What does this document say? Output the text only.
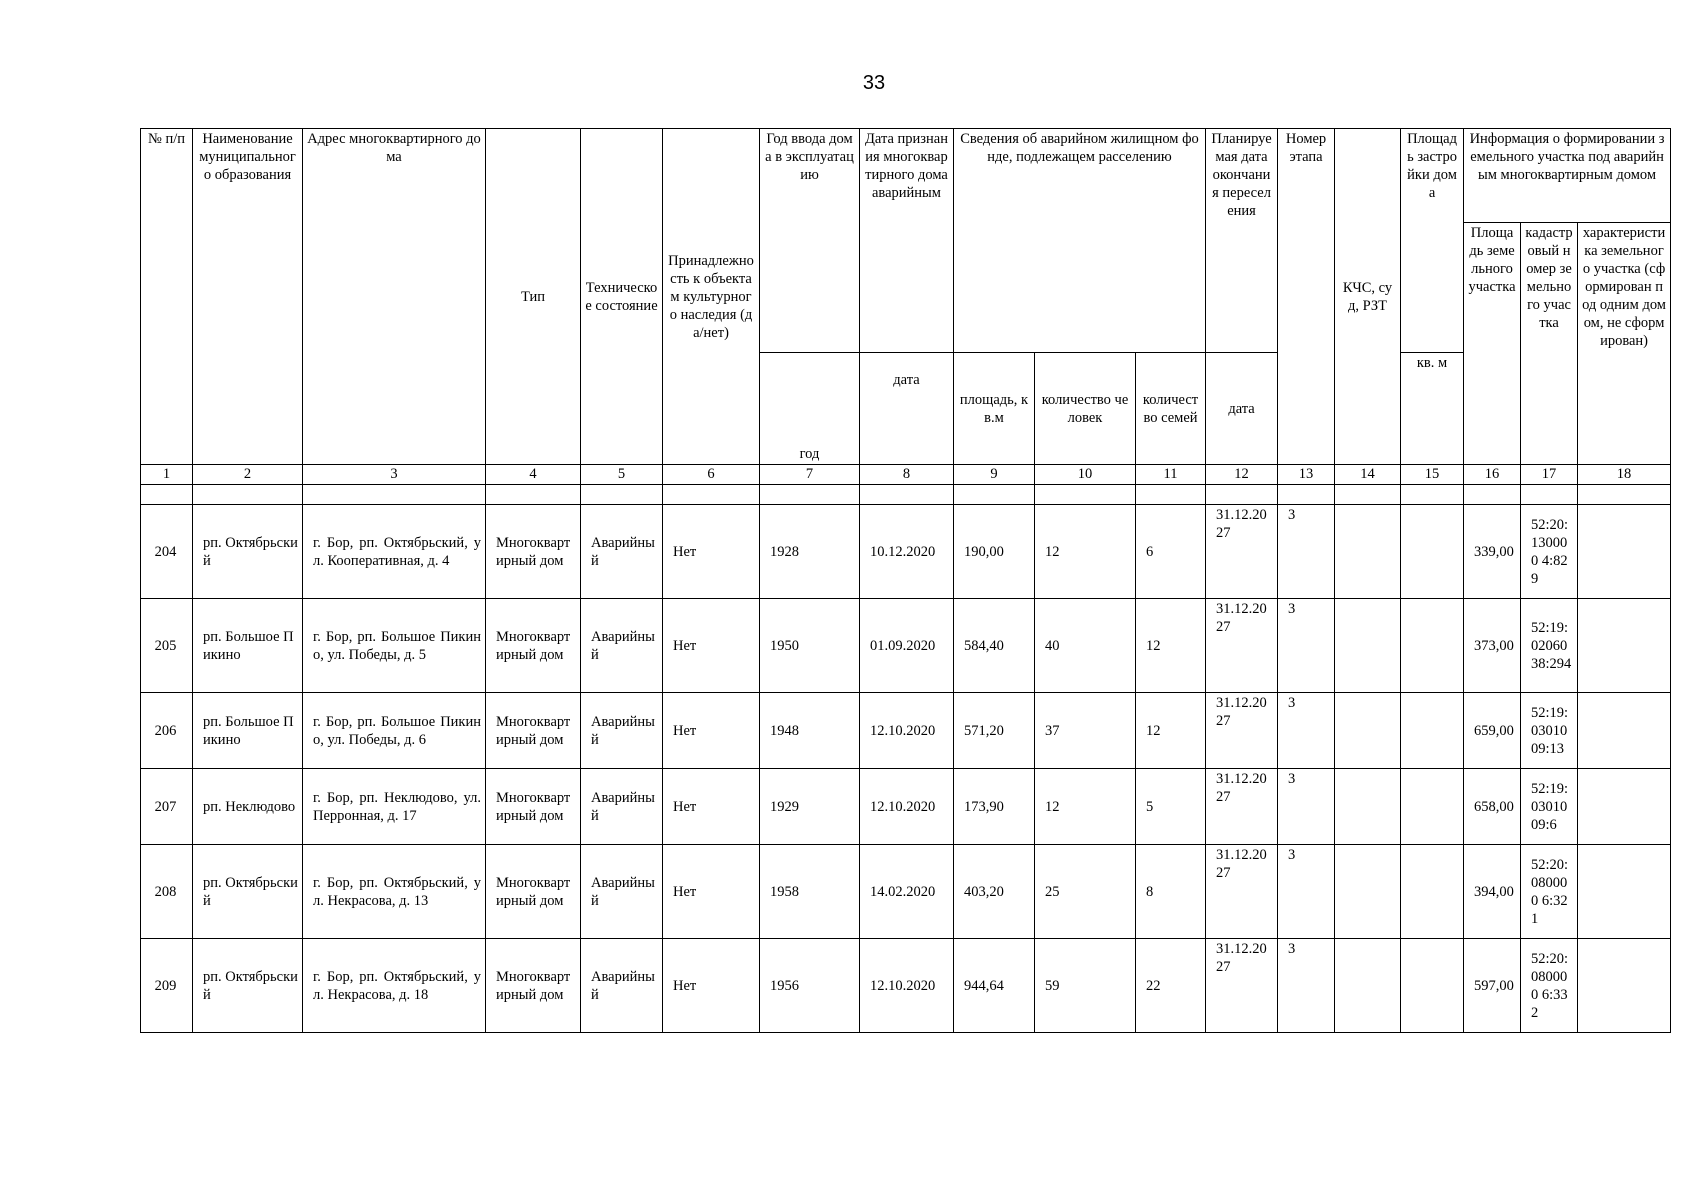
33
№ п/п	Наименование муниципального образования	Адрес многоквартирного дома	Тип	Техническое состояние	Принадлежность к объектам культурного наследия (да/нет)	Год ввода дома в эксплуатацию	Дата признания многоквартирного дома аварийным	Сведения об аварийном жилищном фонде, подлежащем расселению			Планируемая дата окончания переселения	Номер этапа	КЧС, суд, РЗТ	Площадь застройки дома	Информация о формировании земельного участка под аварийным многоквартирным домом		
															Площадь земельного участка	кадастровый номер земельного участка	характеристика земельного участка (сформирован под одним домом, не сформирован)
						год	дата	площадь, кв.м	количество человек	количество семей	дата			кв. м			
1	2	3	4	5	6	7	8	9	10	11	12	13	14	15	16	17	18

204	рп. Октябрьский	г. Бор, рп. Октябрьский, ул. Кооперативная, д. 4	Многоквартирный дом	Аварийный	Нет	1928	10.12.2020	190,00	12	6	31.12.2027	3			339,00	52:20:130000 4:829	
205	рп. Большое Пикино	г. Бор, рп. Большое Пикино, ул. Победы, д. 5	Многоквартирный дом	Аварийный	Нет	1950	01.09.2020	584,40	40	12	31.12.2027	3			373,00	52:19:0206038:294	
206	рп. Большое Пикино	г. Бор, рп. Большое Пикино, ул. Победы, д. 6	Многоквартирный дом	Аварийный	Нет	1948	12.10.2020	571,20	37	12	31.12.2027	3			659,00	52:19:0301009:13	
207	рп. Неклюдово	г. Бор, рп. Неклюдово, ул. Перронная, д. 17	Многоквартирный дом	Аварийный	Нет	1929	12.10.2020	173,90	12	5	31.12.2027	3			658,00	52:19:0301009:6	
208	рп. Октябрьский	г. Бор, рп. Октябрьский, ул. Некрасова, д. 13	Многоквартирный дом	Аварийный	Нет	1958	14.02.2020	403,20	25	8	31.12.2027	3			394,00	52:20:080000 6:321	
209	рп. Октябрьский	г. Бор, рп. Октябрьский, ул. Некрасова, д. 18	Многоквартирный дом	Аварийный	Нет	1956	12.10.2020	944,64	59	22	31.12.2027	3			597,00	52:20:080000 6:332	
